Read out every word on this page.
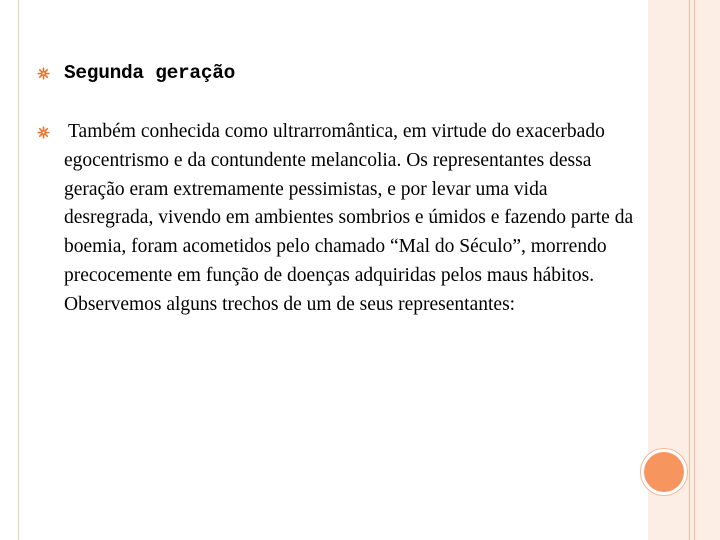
Segunda geração
Também conhecida como ultrarromântica, em virtude do exacerbado egocentrismo e da contundente melancolia. Os representantes dessa geração eram extremamente pessimistas, e por levar uma vida desregrada, vivendo em ambientes sombrios e úmidos e fazendo parte da boemia, foram acometidos pelo chamado “Mal do Século”, morrendo precocemente em função de doenças adquiridas pelos maus hábitos. Observemos alguns trechos de um de seus representantes:
